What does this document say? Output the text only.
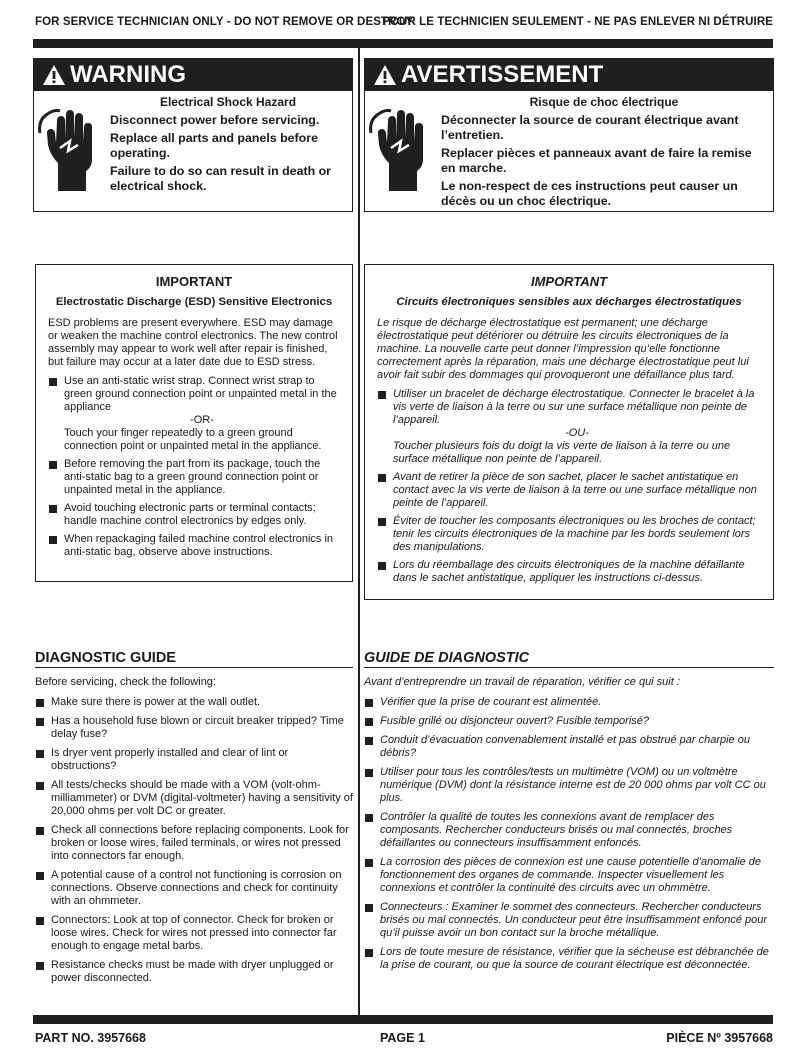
FOR SERVICE TECHNICIAN ONLY - DO NOT REMOVE OR DESTROY
POUR LE TECHNICIEN SEULEMENT - NE PAS ENLEVER NI DÉTRUIRE
WARNING
Electrical Shock Hazard

Disconnect power before servicing.

Replace all parts and panels before operating.

Failure to do so can result in death or electrical shock.

AVERTISSEMENT
Risque de choc électrique

Déconnecter la source de courant électrique avant l’entretien.

Replacer pièces et panneaux avant de faire la remise en marche.

Le non-respect de ces instructions peut causer un décès ou un choc électrique.

IMPORTANT
Electrostatic Discharge (ESD) Sensitive Electronics
ESD problems are present everywhere. ESD may damage or weaken the machine control electronics. The new control assembly may appear to work well after repair is finished, but failure may occur at a later date due to ESD stress.
Use an anti-static wrist strap. Connect wrist strap to green ground connection point or unpainted metal in the appliance
-OR-
Touch your finger repeatedly to a green ground connection point or unpainted metal in the appliance.
Before removing the part from its package, touch the anti-static bag to a green ground connection point or unpainted metal in the appliance.
Avoid touching electronic parts or terminal contacts; handle machine control electronics by edges only.
When repackaging failed machine control electronics in anti-static bag, observe above instructions.
IMPORTANT
Circuits électroniques sensibles aux décharges électrostatiques
Le risque de décharge électrostatique est permanent; une décharge électrostatique peut détériorer ou détruire les circuits électroniques de la machine. La nouvelle carte peut donner l’impression qu’elle fonctionne correctement après la réparation, mais une décharge électrostatique peut lui avoir fait subir des dommages qui provoqueront une défaillance plus tard.
Utiliser un bracelet de décharge électrostatique. Connecter le bracelet à la vis verte de liaison à la terre ou sur une surface métallique non peinte de l’appareil.
-OU-
Toucher plusieurs fois du doigt la vis verte de liaison à la terre ou une surface métallique non peinte de l’appareil.
Avant de retirer la pièce de son sachet, placer le sachet antistatique en contact avec la vis verte de liaison à la terre ou une surface métallique non peinte de l’appareil.
Éviter de toucher les composants électroniques ou les broches de contact; tenir les circuits électroniques de la machine par les bords seulement lors des manipulations.
Lors du réemballage des circuits électroniques de la machine défaillante dans le sachet antistatique, appliquer les instructions ci-dessus.
DIAGNOSTIC GUIDE
Before servicing, check the following:
Make sure there is power at the wall outlet.
Has a household fuse blown or circuit breaker tripped? Time delay fuse?
Is dryer vent properly installed and clear of lint or obstructions?
All tests/checks should be made with a VOM (volt-ohm-milliammeter) or DVM (digital-voltmeter) having a sensitivity of 20,000 ohms per volt DC or greater.
Check all connections before replacing components. Look for broken or loose wires, failed terminals, or wires not pressed into connectors far enough.
A potential cause of a control not functioning is corrosion on connections. Observe connections and check for continuity with an ohmmeter.
Connectors: Look at top of connector. Check for broken or loose wires. Check for wires not pressed into connector far enough to engage metal barbs.
Resistance checks must be made with dryer unplugged or power disconnected.
GUIDE DE DIAGNOSTIC
Avant d’entreprendre un travail de réparation, vérifier ce qui suit :
Vérifier que la prise de courant est alimentée.
Fusible grillé ou disjoncteur ouvert? Fusible temporisé?
Conduit d’évacuation convenablement installé et pas obstrué par charpie ou débris?
Utiliser pour tous les contrôles/tests un multimètre (VOM) ou un voltmètre numérique (DVM) dont la résistance interne est de 20 000 ohms par volt CC ou plus.
Contrôler la qualité de toutes les connexions avant de remplacer des composants. Rechercher conducteurs brisés ou mal connectés, broches défaillantes ou connecteurs insuffisamment enfoncés.
La corrosion des pièces de connexion est une cause potentielle d’anomalie de fonctionnement des organes de commande. Inspecter visuellement les connexions et contrôler la continuité des circuits avec un ohmmètre.
Connecteurs : Examiner le sommet des connecteurs. Rechercher conducteurs brisés ou mal connectés. Un conducteur peut être insuffisamment enfoncé pour qu’il puisse avoir un bon contact sur la broche métallique.
Lors de toute mesure de résistance, vérifier que la sécheuse est débranchée de la prise de courant, ou que la source de courant électrique est déconnectée.
PART NO. 3957668	PAGE 1	PIÈCE Nº 3957668
